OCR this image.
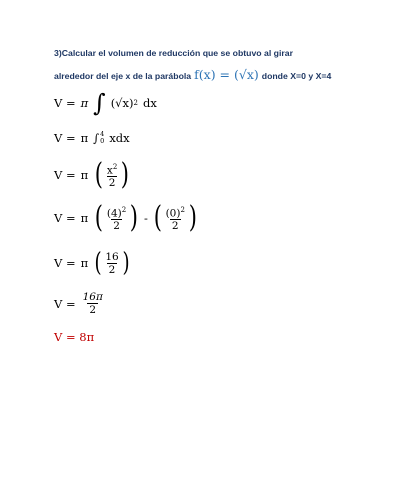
3)Calcular el volumen de reducción que se obtuvo al girar
alrededor del eje x de la parábola f(x) = (√x) donde X=0 y X=4
V = π ∫ (√x) 2 dx
V = π ∫ 4
0 xdx
V = π ( $\frac{x^2}{2}$ )
V = π ( $\frac{(4)^2}{2}$ ) - ( $\frac{(0)^2}{2}$ )
V = π ( $\frac{16}{2}$ )
$V = \frac{16\pi}{2}$
V = 8π
